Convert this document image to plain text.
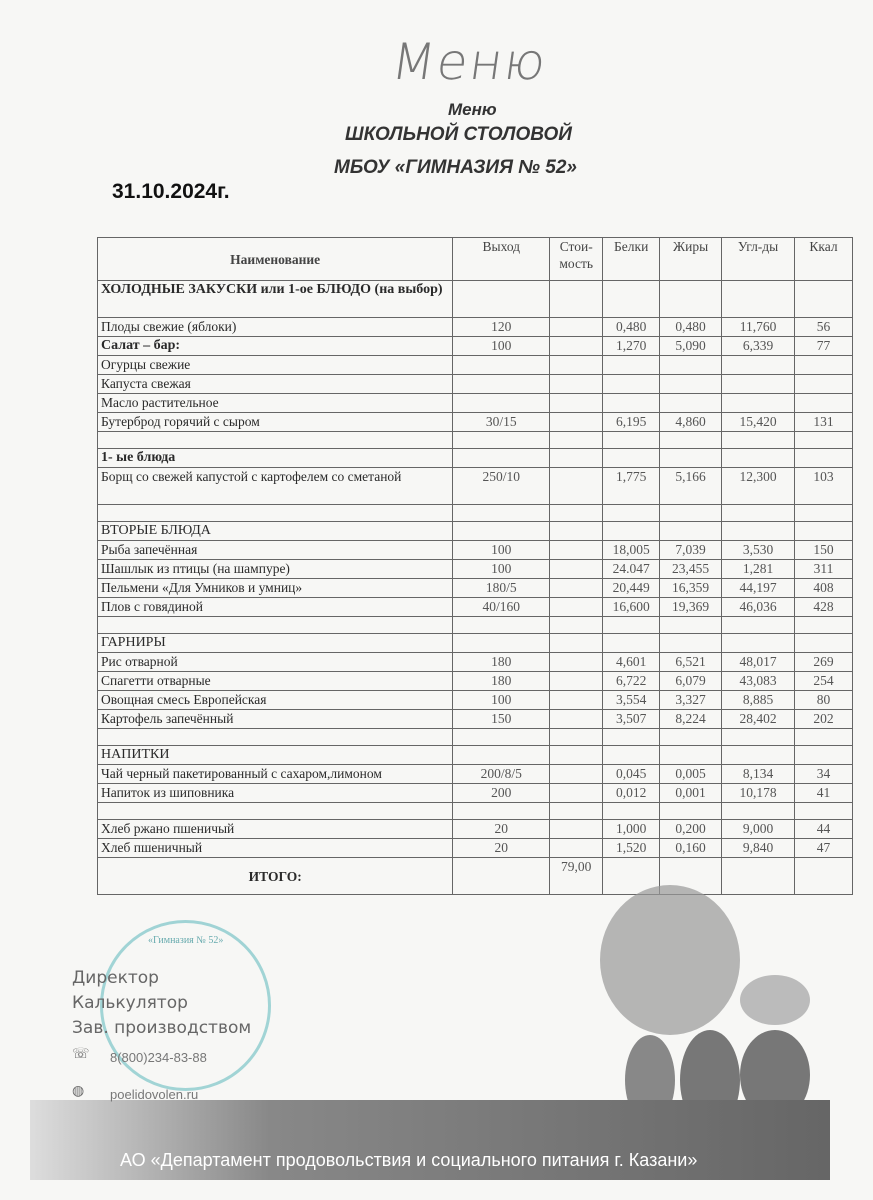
Меню
Меню
ШКОЛЬНОЙ СТОЛОВОЙ
МБОУ «ГИМНАЗИЯ № 52»
31.10.2024г.
Наименование	Выход	Стои-мость	Белки	Жиры	Угл-ды	Ккал
ХОЛОДНЫЕ ЗАКУСКИ или 1-ое БЛЮДО (на выбор)						
Плоды свежие (яблоки)	120		0,480	0,480	11,760	56
Салат – бар:	100		1,270	5,090	6,339	77
Огурцы свежие						
Капуста свежая						
Масло растительное						
Бутерброд горячий с сыром	30/15		6,195	4,860	15,420	131

1- ые блюда						
Борщ со свежей капустой с картофелем со сметаной	250/10		1,775	5,166	12,300	103

ВТОРЫЕ БЛЮДА						
Рыба запечённая	100		18,005	7,039	3,530	150
Шашлык из птицы (на шампуре)	100		24.047	23,455	1,281	311
Пельмени «Для Умников и умниц»	180/5		20,449	16,359	44,197	408
Плов с говядиной	40/160		16,600	19,369	46,036	428

ГАРНИРЫ						
Рис отварной	180		4,601	6,521	48,017	269
Спагетти отварные	180		6,722	6,079	43,083	254
Овощная смесь Европейская	100		3,554	3,327	8,885	80
Картофель запечённый	150		3,507	8,224	28,402	202

НАПИТКИ						
Чай черный пакетированный с сахаром,лимоном	200/8/5		0,045	0,005	8,134	34
Напиток из шиповника	200		0,012	0,001	10,178	41

Хлеб ржано пшеничый	20		1,000	0,200	9,000	44
Хлеб пшеничный	20		1,520	0,160	9,840	47
ИТОГО:		79,00				
АО «Департамент продовольствия и социального питания г. Казани»
«Гимназия № 52»
Директор
Калькулятор
Зав. производством
☏ 8(800)234-83-88
◍ poelidovolen.ru
